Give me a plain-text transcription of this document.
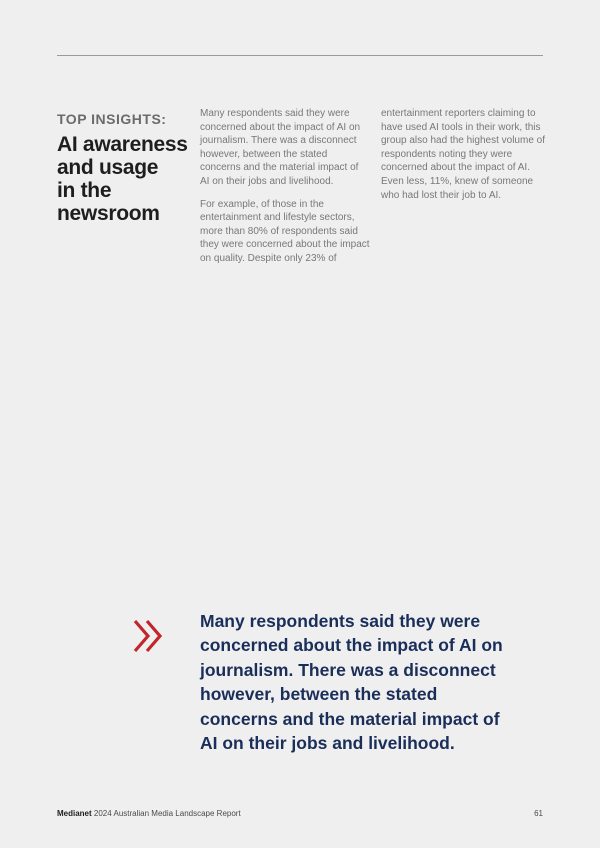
TOP INSIGHTS:

AI awareness
and usage
in the
newsroom

Many respondents said they were concerned about the impact of AI on journalism. There was a disconnect however, between the stated concerns and the material impact of AI on their jobs and livelihood.

For example, of those in the entertainment and lifestyle sectors, more than 80% of respondents said they were concerned about the impact on quality. Despite only 23% of

entertainment reporters claiming to have used AI tools in their work, this group also had the highest volume of respondents noting they were concerned about the impact of AI. Even less, 11%, knew of someone who had lost their job to AI.

Many respondents said they were
concerned about the impact of AI on
journalism. There was a disconnect
however, between the stated
concerns and the material impact of
AI on their jobs and livelihood.

Medianet 2024 Australian Media Landscape Report	61
